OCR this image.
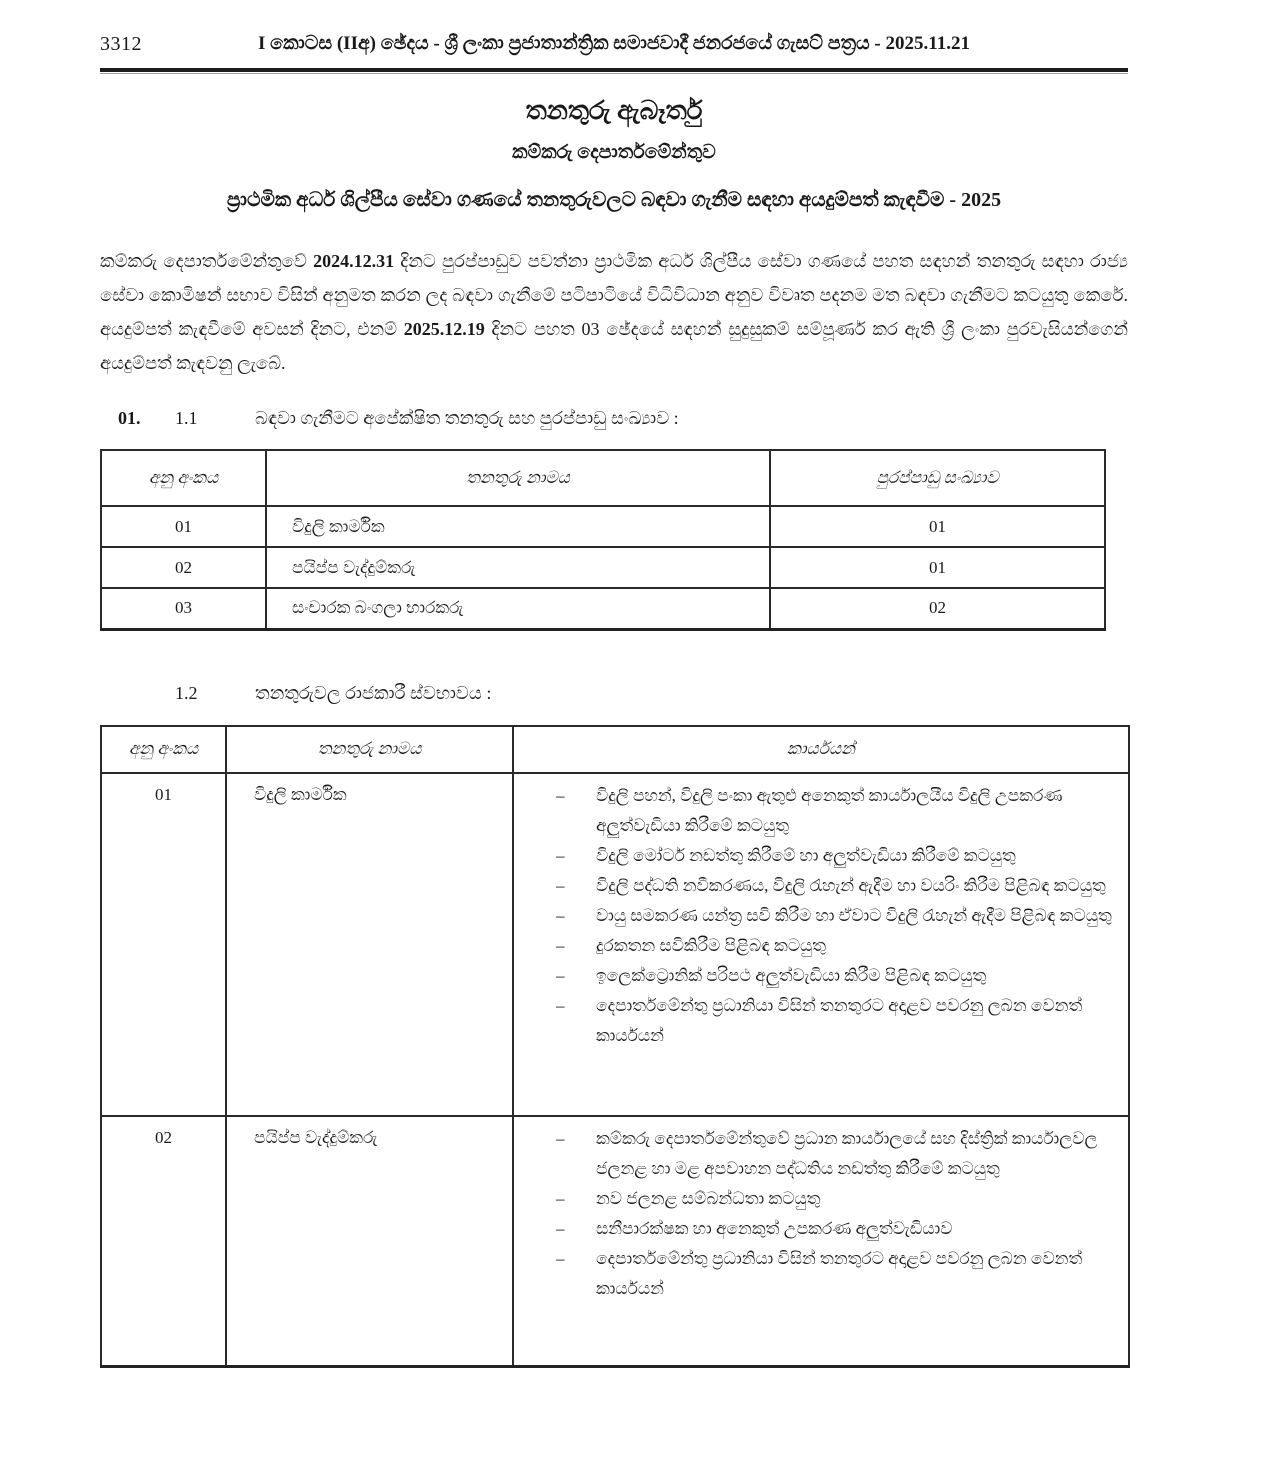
3312	I කොටස (IIඅ) ඡේදය - ශ්‍රී ලංකා ප්‍රජාතාන්ත්‍රික සමාජවාදී ජනරජයේ ගැසට් පත්‍රය - 2025.11.21
තනතුරු ඇබෑර්තු
කම්කරු දෙපාර්තමේන්තුව
ප්‍රාථමික අර්ධ ශිල්පීය සේවා ගණයේ තනතුරුවලට බඳවා ගැනීම සඳහා අයදුම්පත් කැඳවීම - 2025

කම්කරු දෙපාර්තමේන්තුවේ 2024.12.31 දිනට පුරප්පාඩුව පවත්නා ප්‍රාථමික අර්ධ ශිල්පීය සේවා ගණයේ පහත සඳහන් තනතුරු සඳහා රාජ්‍ය සේවා කොමිෂන් සභාව විසින් අනුමත කරන ලද බඳවා ගැනීමේ පටිපාටියේ විධිවිධාන අනුව විවෘත පදනම මත බඳවා ගැනීමට කටයුතු කෙරේ. අයදුම්පත් කැඳවීමේ අවසන් දිනට, එනම් 2025.12.19 දිනට පහත 03 ඡේදයේ සඳහන් සුදුසුකම් සම්පූර්ණ කර ඇති ශ්‍රී ලංකා පුරවැසියන්ගෙන් අයදුම්පත් කැඳවනු ලැබේ.

01.	1.1	බඳවා ගැනීමට අපේක්ෂිත තනතුරු සහ පුරප්පාඩු සංඛ්‍යාව :
අනු අංකය	තනතුරු නාමය	පුරප්පාඩු සංඛ්‍යාව
01	විදුලි කාර්මික	01
02	පයිප්ප වැද්දුම්කරු	01
03	සංචාරක බංගලා භාරකරු	02
1.2	තනතුරුවල රාජකාරී ස්වභාවය :
අනු අංකය	තනතුරු නාමය	කාර්යයන්
01	විදුලි කාර්මික	–	විදුලි පහන්, විදුලි පංකා ඇතුළු අනෙකුත් කාර්යාලයීය විදුලි උපකරණ අලුත්වැඩියා කිරීමේ කටයුතු
–	විදුලි මෝටර් නඩත්තු කිරීමේ හා අලුත්වැඩියා කිරීමේ කටයුතු
–	විදුලි පද්ධති නවීකරණය, විදුලි රැහැන් ඇදීම හා වයරිං කිරීම පිළිබඳ කටයුතු
–	වායු සමකරණ යන්ත්‍ර සවි කිරීම හා ඒවාට විදුලි රැහැන් ඇදීම පිළිබඳ කටයුතු
–	දුරකතන සවිකිරීම පිළිබඳ කටයුතු
–	ඉලෙක්ට්‍රොනික් පරිපථ අලුත්වැඩියා කිරීම පිළිබඳ කටයුතු
–	දෙපාර්තමේන්තු ප්‍රධානියා විසින් තනතුරට අදාළව පවරනු ලබන වෙනත් කාර්යයන්

02	පයිප්ප වැද්දුම්කරු	–	කම්කරු දෙපාර්තමේන්තුවේ ප්‍රධාන කාර්යාලයේ සහ දිස්ත්‍රික් කාර්යාලවල ජලනළ හා මළ අපවාහන පද්ධතිය නඩත්තු කිරීමේ කටයුතු
–	නව ජලනළ සම්බන්ධතා කටයුතු
–	සනීපාරක්ෂක හා අනෙකුත් උපකරණ අලුත්වැඩියාව
–	දෙපාර්තමේන්තු ප්‍රධානියා විසින් තනතුරට අදාළව පවරනු ලබන වෙනත් කාර්යයන්
